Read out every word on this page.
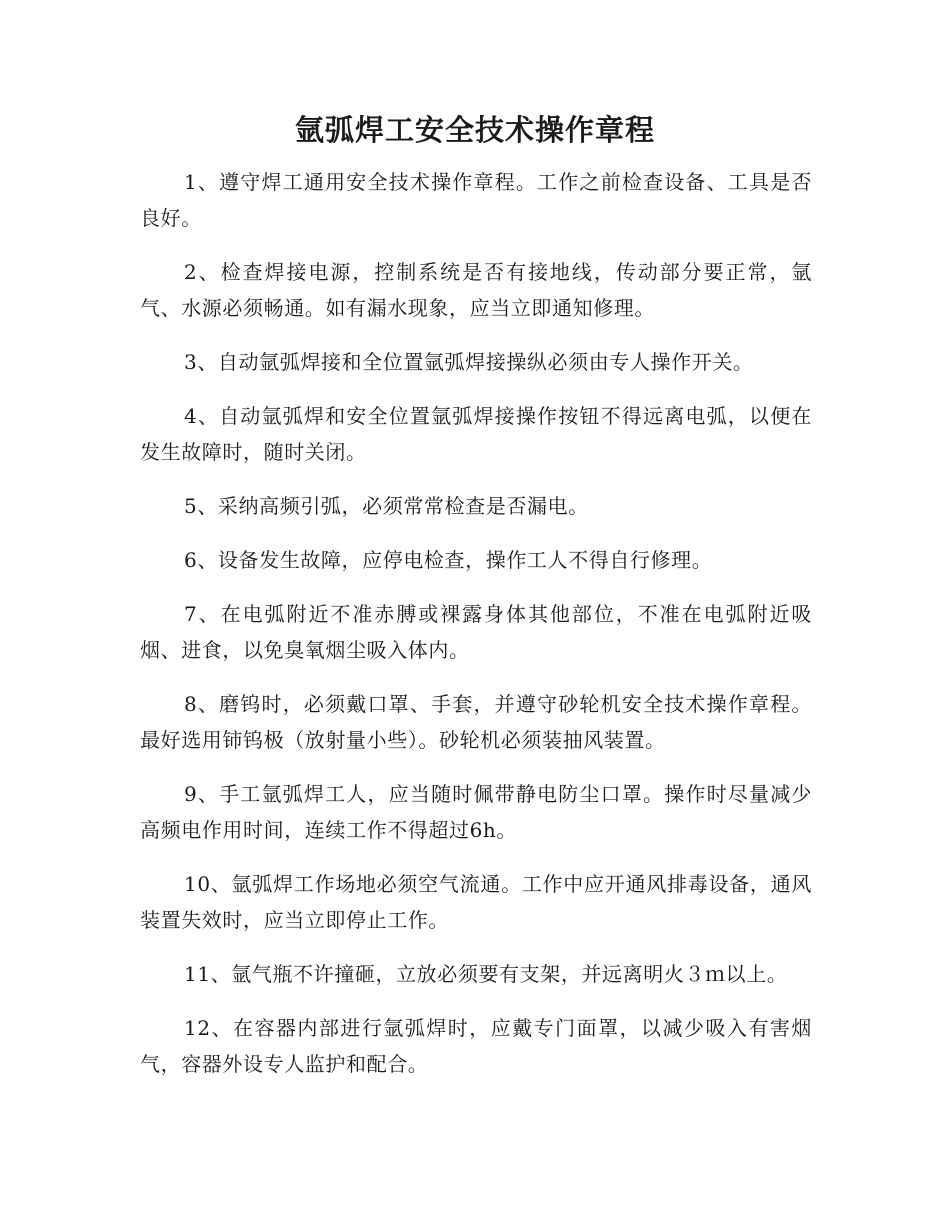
氩弧焊工安全技术操作章程

1、遵守焊工通用安全技术操作章程。工作之前检查设备、工具是否良好。

2、检查焊接电源，控制系统是否有接地线，传动部分要正常，氩气、水源必须畅通。如有漏水现象，应当立即通知修理。

3、自动氩弧焊接和全位置氩弧焊接操纵必须由专人操作开关。

4、自动氩弧焊和安全位置氩弧焊接操作按钮不得远离电弧，以便在发生故障时，随时关闭。

5、采纳高频引弧，必须常常检查是否漏电。

6、设备发生故障，应停电检查，操作工人不得自行修理。

7、在电弧附近不准赤膊或裸露身体其他部位，不准在电弧附近吸烟、进食，以免臭氧烟尘吸入体内。

8、磨钨时，必须戴口罩、手套，并遵守砂轮机安全技术操作章程。最好选用铈钨极（放射量小些）。砂轮机必须装抽风装置。

9、手工氩弧焊工人，应当随时佩带静电防尘口罩。操作时尽量减少高频电作用时间，连续工作不得超过6h。

10、氩弧焊工作场地必须空气流通。工作中应开通风排毒设备，通风装置失效时，应当立即停止工作。

11、氩气瓶不许撞砸，立放必须要有支架，并远离明火３ｍ以上。

12、在容器内部进行氩弧焊时，应戴专门面罩，以减少吸入有害烟气，容器外设专人监护和配合。
